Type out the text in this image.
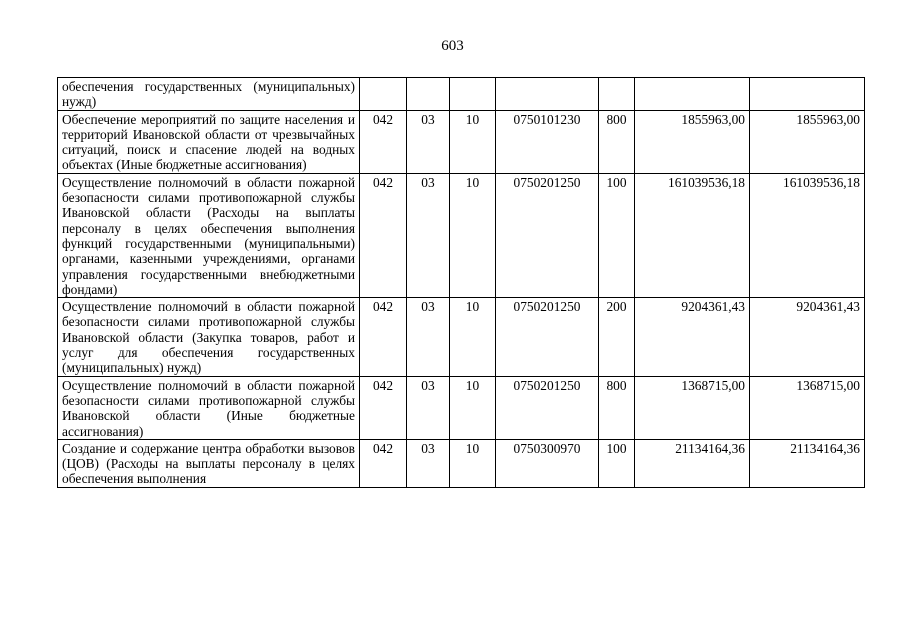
603
обеспечения государственных (муниципальных) нужд)							
Обеспечение мероприятий по защите населения и территорий Ивановской области от чрезвычайных ситуаций, поиск и спасение людей на водных объектах (Иные бюджетные ассигнования)	042	03	10	0750101230	800	1855963,00	1855963,00
Осуществление полномочий в области пожарной безопасности силами противопожарной службы Ивановской области (Расходы на выплаты персоналу в целях обеспечения выполнения функций государственными (муниципальными) органами, казенными учреждениями, органами управления государственными внебюджетными фондами)	042	03	10	0750201250	100	161039536,18	161039536,18
Осуществление полномочий в области пожарной безопасности силами противопожарной службы Ивановской области (Закупка товаров, работ и услуг для обеспечения государственных (муниципальных) нужд)	042	03	10	0750201250	200	9204361,43	9204361,43
Осуществление полномочий в области пожарной безопасности силами противопожарной службы Ивановской области (Иные бюджетные ассигнования)	042	03	10	0750201250	800	1368715,00	1368715,00
Создание и содержание центра обработки вызовов (ЦОВ) (Расходы на выплаты персоналу в целях обеспечения выполнения	042	03	10	0750300970	100	21134164,36	21134164,36
